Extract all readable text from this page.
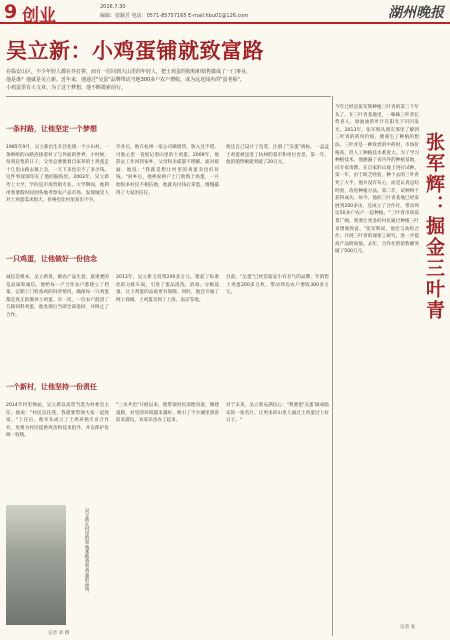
9 创业	2016.7.30
编辑：佼颖芳 电话：0571-85757165 E-mail:hbu01@126.com	湖州晚报
吴立新：小鸡蛋铺就致富路
在临安山区，不少年轻人都在外打拼，而有一位回到大山里的年轻人，把土鸡蛋的收购和销售做成了一门事业，
他是谁？他就是吴立新。近年来，他通过"吴蛋"品牌带动当地300多户农户增收，成为远近闻名的"蛋老板"。
小鸡蛋里有大文章。为了这个梦想，他不断摸索前行。
一条村路，让他坚定一个梦想
1985年9月，吴立新出生在昌化镇一个小山村，一条崎岖的山路连接着村子与外面的世界。小时候，每到赶集的日子，父母总要挑着自家养的土鸡蛋走十几里山路去镇上卖，一天下来也卖不了多少钱。这件事深深印在了他的脑海里。2003年，吴立新考上大学，学的是市场营销专业。大学期间，他利用寒暑假时间到各地考察农产品市场，发现城里人对土鸡蛋需求很大，价格也比村里高出不少。
毕业后，他在杭州一家公司做销售，收入还不错。可他心里一直惦记着山里的土鸡蛋。2009年，他辞去工作回到家乡，父母和亲戚都不理解。面对质疑，他说："我就是想让村里的鸡蛋卖出好价钱。"回乡后，他挨家挨户上门收购土鸡蛋，一开始很多村民不相信他，他就先付钱后拿蛋，慢慢赢得了大家的信任。
他还自己设计了包装，注册了"吴蛋"商标，一盒盒土鸡蛋被送进了杭州的超市和单位食堂。第一年，他的销售额就突破了20万元。
一只鸡蛋，让他做好一份信念
诚信是根本。吴立新说，做农产品生意，最重要的是品质和诚信。他给每一户合作农户都建立了档案，定期上门检查鸡的饲养情况，确保每一只鸡蛋都是真正的散养土鸡蛋。有一次，一位农户混进了几箱饲料鸡蛋，他发现后当即全部退回，并终止了合作。
2013年，吴立新又投资200多万元，建起了标准化的分拣车间，引进了蛋品清洗、消毒、分级设备，让土鸡蛋的品质更有保障。同时，他还开通了网上商城，土鸡蛋卖到了上海、南京等地。
目前，"吴蛋"已经是临安小有名气的品牌，年销售土鸡蛋200多万枚，带动周边农户增收300多万元。
一个新村，让他坚持一份责任
2014年村里换届，吴立新以高票当选为村委会主任。他说："村民信任我，我就要带领大家一起致富。"上任后，他牵头成立了土鸡养殖专业合作社，免费为村民提供鸡苗和技术指导，并以保护价统一收购。
"三水共治"开展以来，他带领村民清理河道、修建道路，村里的环境越来越好，吸引了不少城里游客前来游玩，农家乐也办了起来。
对于未来，吴立新充满信心："我要把'吴蛋'做成临安的一张名片，让更多的山里人通过土鸡蛋过上好日子。"
吴立新在村里的养殖基地查看鸡蛋的品质。
记者 刘 摄
张军辉：掘金三叶青
今年已经是张军辉种植三叶青的第三个年头了。在三叶青基地里，一株株三叶青长势喜人，绿油油的叶片在阳光下闪闪发光。2013年，张军辉从朋友那里了解到三叶青的药用价值，便萌生了种植的想法。三叶青是一种珍贵的中药材，市场价格高，但人工种植技术难度大。为了学习种植技术，他跑遍了省内外的种植基地，向专家请教，在自家的山地上进行试种。第一年，由于缺乏经验，种下去的三叶青死了大半，他并没有灰心，而是认真总结经验，改进种植方法。第二年，试种终于获得成功。如今，他的三叶青基地已经发展到200多亩，还成立了合作社，带动周边50多户农户一起种植。"三叶青市场前景广阔，我要让更多的村民通过种植三叶青增收致富。"张军辉说。他还与高校合作，开展三叶青的深加工研究，进一步提高产品附加值。去年，合作社的销售额突破了500万元。
记者 张
